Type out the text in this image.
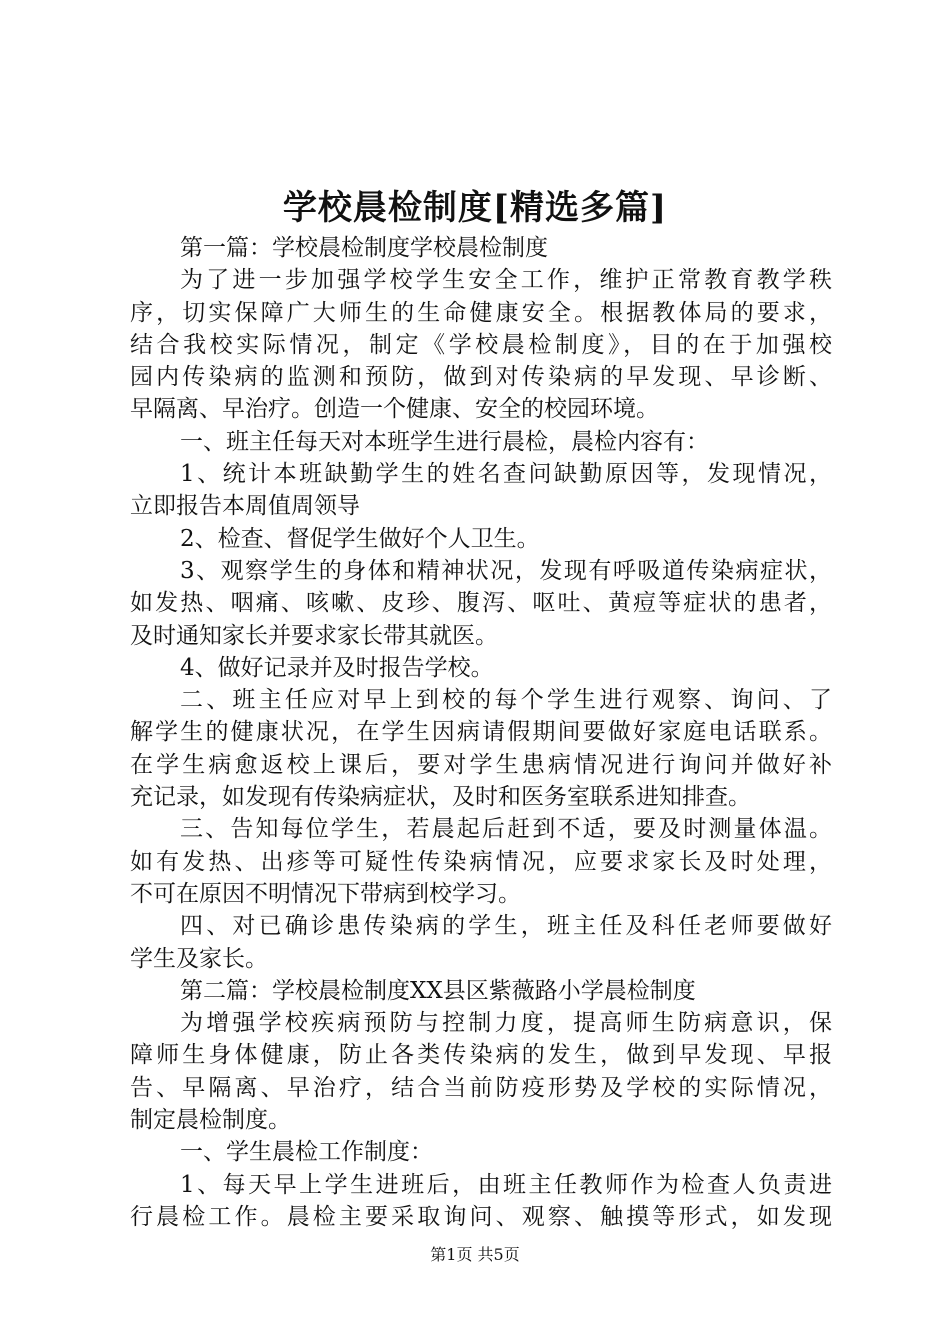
学校晨检制度[精选多篇]
第一篇：学校晨检制度学校晨检制度
为了进一步加强学校学生安全工作，维护正常教育教学秩
序，切实保障广大师生的生命健康安全。根据教体局的要求，
结合我校实际情况，制定《学校晨检制度》，目的在于加强校
园内传染病的监测和预防，做到对传染病的早发现、早诊断、
早隔离、早治疗。创造一个健康、安全的校园环境。
一、班主任每天对本班学生进行晨检，晨检内容有：
1、统计本班缺勤学生的姓名查问缺勤原因等，发现情况，
立即报告本周值周领导
2、检查、督促学生做好个人卫生。
3、观察学生的身体和精神状况，发现有呼吸道传染病症状，
如发热、咽痛、咳嗽、皮珍、腹泻、呕吐、黄痘等症状的患者，
及时通知家长并要求家长带其就医。
4、做好记录并及时报告学校。
二、班主任应对早上到校的每个学生进行观察、询问、了
解学生的健康状况，在学生因病请假期间要做好家庭电话联系。
在学生病愈返校上课后，要对学生患病情况进行询问并做好补
充记录，如发现有传染病症状，及时和医务室联系进知排查。
三、告知每位学生，若晨起后赶到不适，要及时测量体温。
如有发热、出疹等可疑性传染病情况，应要求家长及时处理，
不可在原因不明情况下带病到校学习。
四、对已确诊患传染病的学生，班主任及科任老师要做好
学生及家长。
第二篇：学校晨检制度XX县区紫薇路小学晨检制度
为增强学校疾病预防与控制力度，提高师生防病意识，保
障师生身体健康，防止各类传染病的发生，做到早发现、早报
告、早隔离、早治疗，结合当前防疫形势及学校的实际情况，
制定晨检制度。
一、学生晨检工作制度：
1、每天早上学生进班后，由班主任教师作为检查人负责进
行晨检工作。晨检主要采取询问、观察、触摸等形式，如发现
第1页 共5页
